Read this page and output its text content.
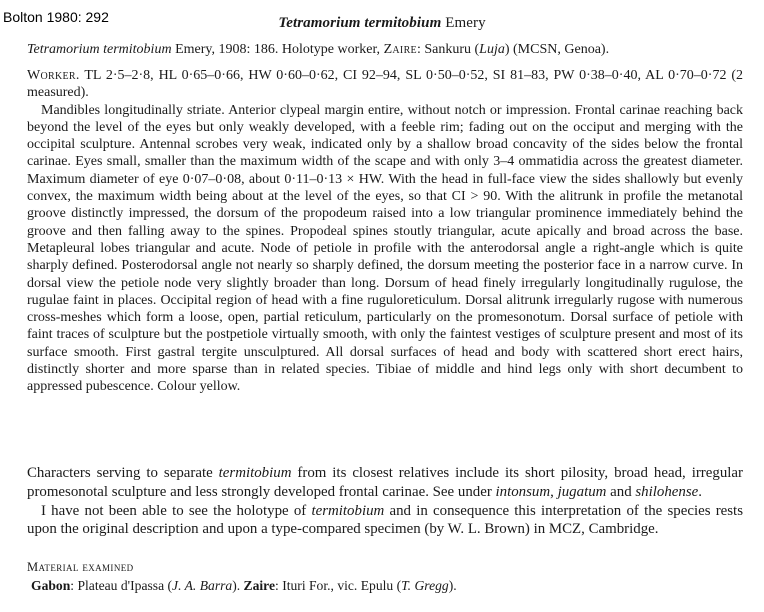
Bolton 1980: 292	Tetramorium termitobium Emery
Tetramorium termitobium Emery, 1908: 186. Holotype worker, Zaire: Sankuru (Luja) (MCSN, Genoa).

Worker. TL 2·5–2·8, HL 0·65–0·66, HW 0·60–0·62, CI 92–94, SL 0·50–0·52, SI 81–83, PW 0·38–0·40, AL 0·70–0·72 (2 measured).

Mandibles longitudinally striate. Anterior clypeal margin entire, without notch or impression. Frontal carinae reaching back beyond the level of the eyes but only weakly developed, with a feeble rim; fading out on the occiput and merging with the occipital sculpture. Antennal scrobes very weak, indicated only by a shallow broad concavity of the sides below the frontal carinae. Eyes small, smaller than the maximum width of the scape and with only 3–4 ommatidia across the greatest diameter. Maximum diameter of eye 0·07–0·08, about 0·11–0·13 × HW. With the head in full-face view the sides shallowly but evenly convex, the maximum width being about at the level of the eyes, so that CI > 90. With the alitrunk in profile the metanotal groove distinctly impressed, the dorsum of the propodeum raised into a low triangular prominence immediately behind the groove and then falling away to the spines. Propodeal spines stoutly triangular, acute apically and broad across the base. Metapleural lobes triangular and acute. Node of petiole in profile with the anterodorsal angle a right-angle which is quite sharply defined. Posterodorsal angle not nearly so sharply defined, the dorsum meeting the posterior face in a narrow curve. In dorsal view the petiole node very slightly broader than long. Dorsum of head finely irregularly longitudinally rugulose, the rugulae faint in places. Occipital region of head with a fine ruguloreticulum. Dorsal alitrunk irregularly rugose with numerous cross-meshes which form a loose, open, partial reticulum, particularly on the promesonotum. Dorsal surface of petiole with faint traces of sculpture but the postpetiole virtually smooth, with only the faintest vestiges of sculpture present and most of its surface smooth. First gastral tergite unsculptured. All dorsal surfaces of head and body with scattered short erect hairs, distinctly shorter and more sparse than in related species. Tibiae of middle and hind legs only with short decumbent to appressed pubescence. Colour yellow.

Characters serving to separate termitobium from its closest relatives include its short pilosity, broad head, irregular promesonotal sculpture and less strongly developed frontal carinae. See under intonsum, jugatum and shilohense.

I have not been able to see the holotype of termitobium and in consequence this interpretation of the species rests upon the original description and upon a type-compared specimen (by W. L. Brown) in MCZ, Cambridge.

Material examined

Gabon: Plateau d'Ipassa (J. A. Barra). Zaire: Ituri For., vic. Epulu (T. Gregg).
